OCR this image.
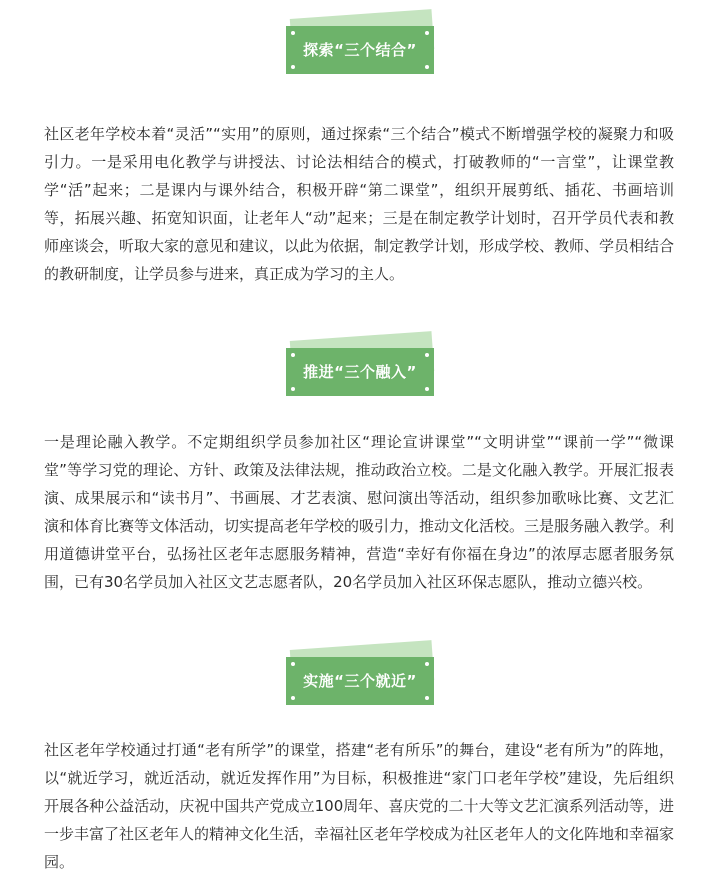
探索“三个结合”

社区老年学校本着“灵活”“实用”的原则，通过探索“三个结合”模式不断增强学校的凝聚力和吸引力。一是采用电化教学与讲授法、讨论法相结合的模式，打破教师的“一言堂”，让课堂教学“活”起来；二是课内与课外结合，积极开辟“第二课堂”，组织开展剪纸、插花、书画培训等，拓展兴趣、拓宽知识面，让老年人“动”起来；三是在制定教学计划时，召开学员代表和教师座谈会，听取大家的意见和建议，以此为依据，制定教学计划，形成学校、教师、学员相结合的教研制度，让学员参与进来，真正成为学习的主人。

推进“三个融入”

一是理论融入教学。不定期组织学员参加社区“理论宣讲课堂”“文明讲堂”“课前一学”“微课堂”等学习党的理论、方针、政策及法律法规，推动政治立校。二是文化融入教学。开展汇报表演、成果展示和“读书月”、书画展、才艺表演、慰问演出等活动，组织参加歌咏比赛、文艺汇演和体育比赛等文体活动，切实提高老年学校的吸引力，推动文化活校。三是服务融入教学。利用道德讲堂平台，弘扬社区老年志愿服务精神，营造“幸好有你福在身边”的浓厚志愿者服务氛围，已有30名学员加入社区文艺志愿者队，20名学员加入社区环保志愿队，推动立德兴校。

实施“三个就近”

社区老年学校通过打通“老有所学”的课堂，搭建“老有所乐”的舞台，建设“老有所为”的阵地，以“就近学习，就近活动，就近发挥作用”为目标，积极推进“家门口老年学校”建设，先后组织开展各种公益活动，庆祝中国共产党成立100周年、喜庆党的二十大等文艺汇演系列活动等，进一步丰富了社区老年人的精神文化生活，幸福社区老年学校成为社区老年人的文化阵地和幸福家园。
